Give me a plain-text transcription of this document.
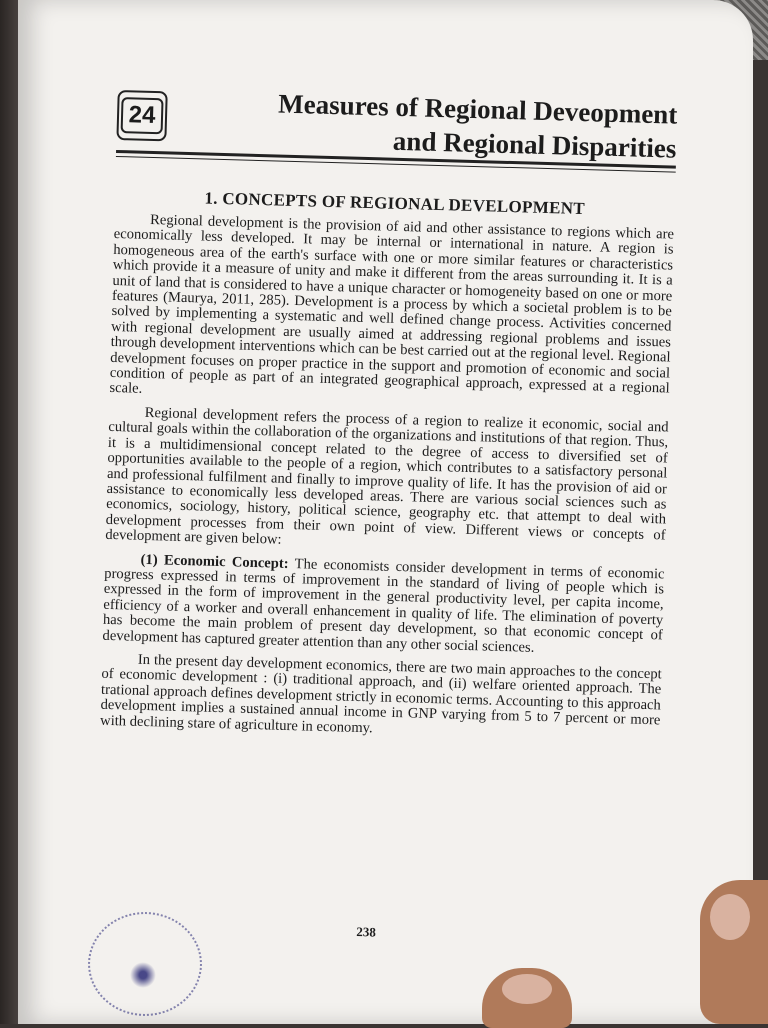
24	Measures of Regional Deveopment
and Regional Disparities
1. CONCEPTS OF REGIONAL DEVELOPMENT

Regional development is the provision of aid and other assistance to regions which are economically less developed. It may be internal or international in nature. A region is homogeneous area of the earth's surface with one or more similar features or characteristics which provide it a measure of unity and make it different from the areas surrounding it. It is a unit of land that is considered to have a unique character or homogeneity based on one or more features (Maurya, 2011, 285). Development is a process by which a societal problem is to be solved by implementing a systematic and well defined change process. Activities concerned with regional development are usually aimed at addressing regional problems and issues through development interventions which can be best carried out at the regional level. Regional development focuses on proper practice in the support and promotion of economic and social condition of people as part of an integrated geographical approach, expressed at a regional scale.

Regional development refers the process of a region to realize it economic, social and cultural goals within the collaboration of the organizations and institutions of that region. Thus, it is a multidimensional concept related to the degree of access to diversified set of opportunities available to the people of a region, which contributes to a satisfactory personal and professional fulfilment and finally to improve quality of life. It has the provision of aid or assistance to economically less developed areas. There are various social sciences such as economics, sociology, history, political science, geography etc. that attempt to deal with development processes from their own point of view. Different views or concepts of development are given below:

(1) Economic Concept: The economists consider development in terms of economic progress expressed in terms of improvement in the standard of living of people which is expressed in the form of improvement in the general productivity level, per capita income, efficiency of a worker and overall enhancement in quality of life. The elimination of poverty has become the main problem of present day development, so that economic concept of development has captured greater attention than any other social sciences.

In the present day development economics, there are two main approaches to the concept of economic development : (i) traditional approach, and (ii) welfare oriented approach. The trational approach defines development strictly in economic terms. Accounting to this approach development implies a sustained annual income in GNP varying from 5 to 7 percent or more with declining stare of agriculture in economy.

238
